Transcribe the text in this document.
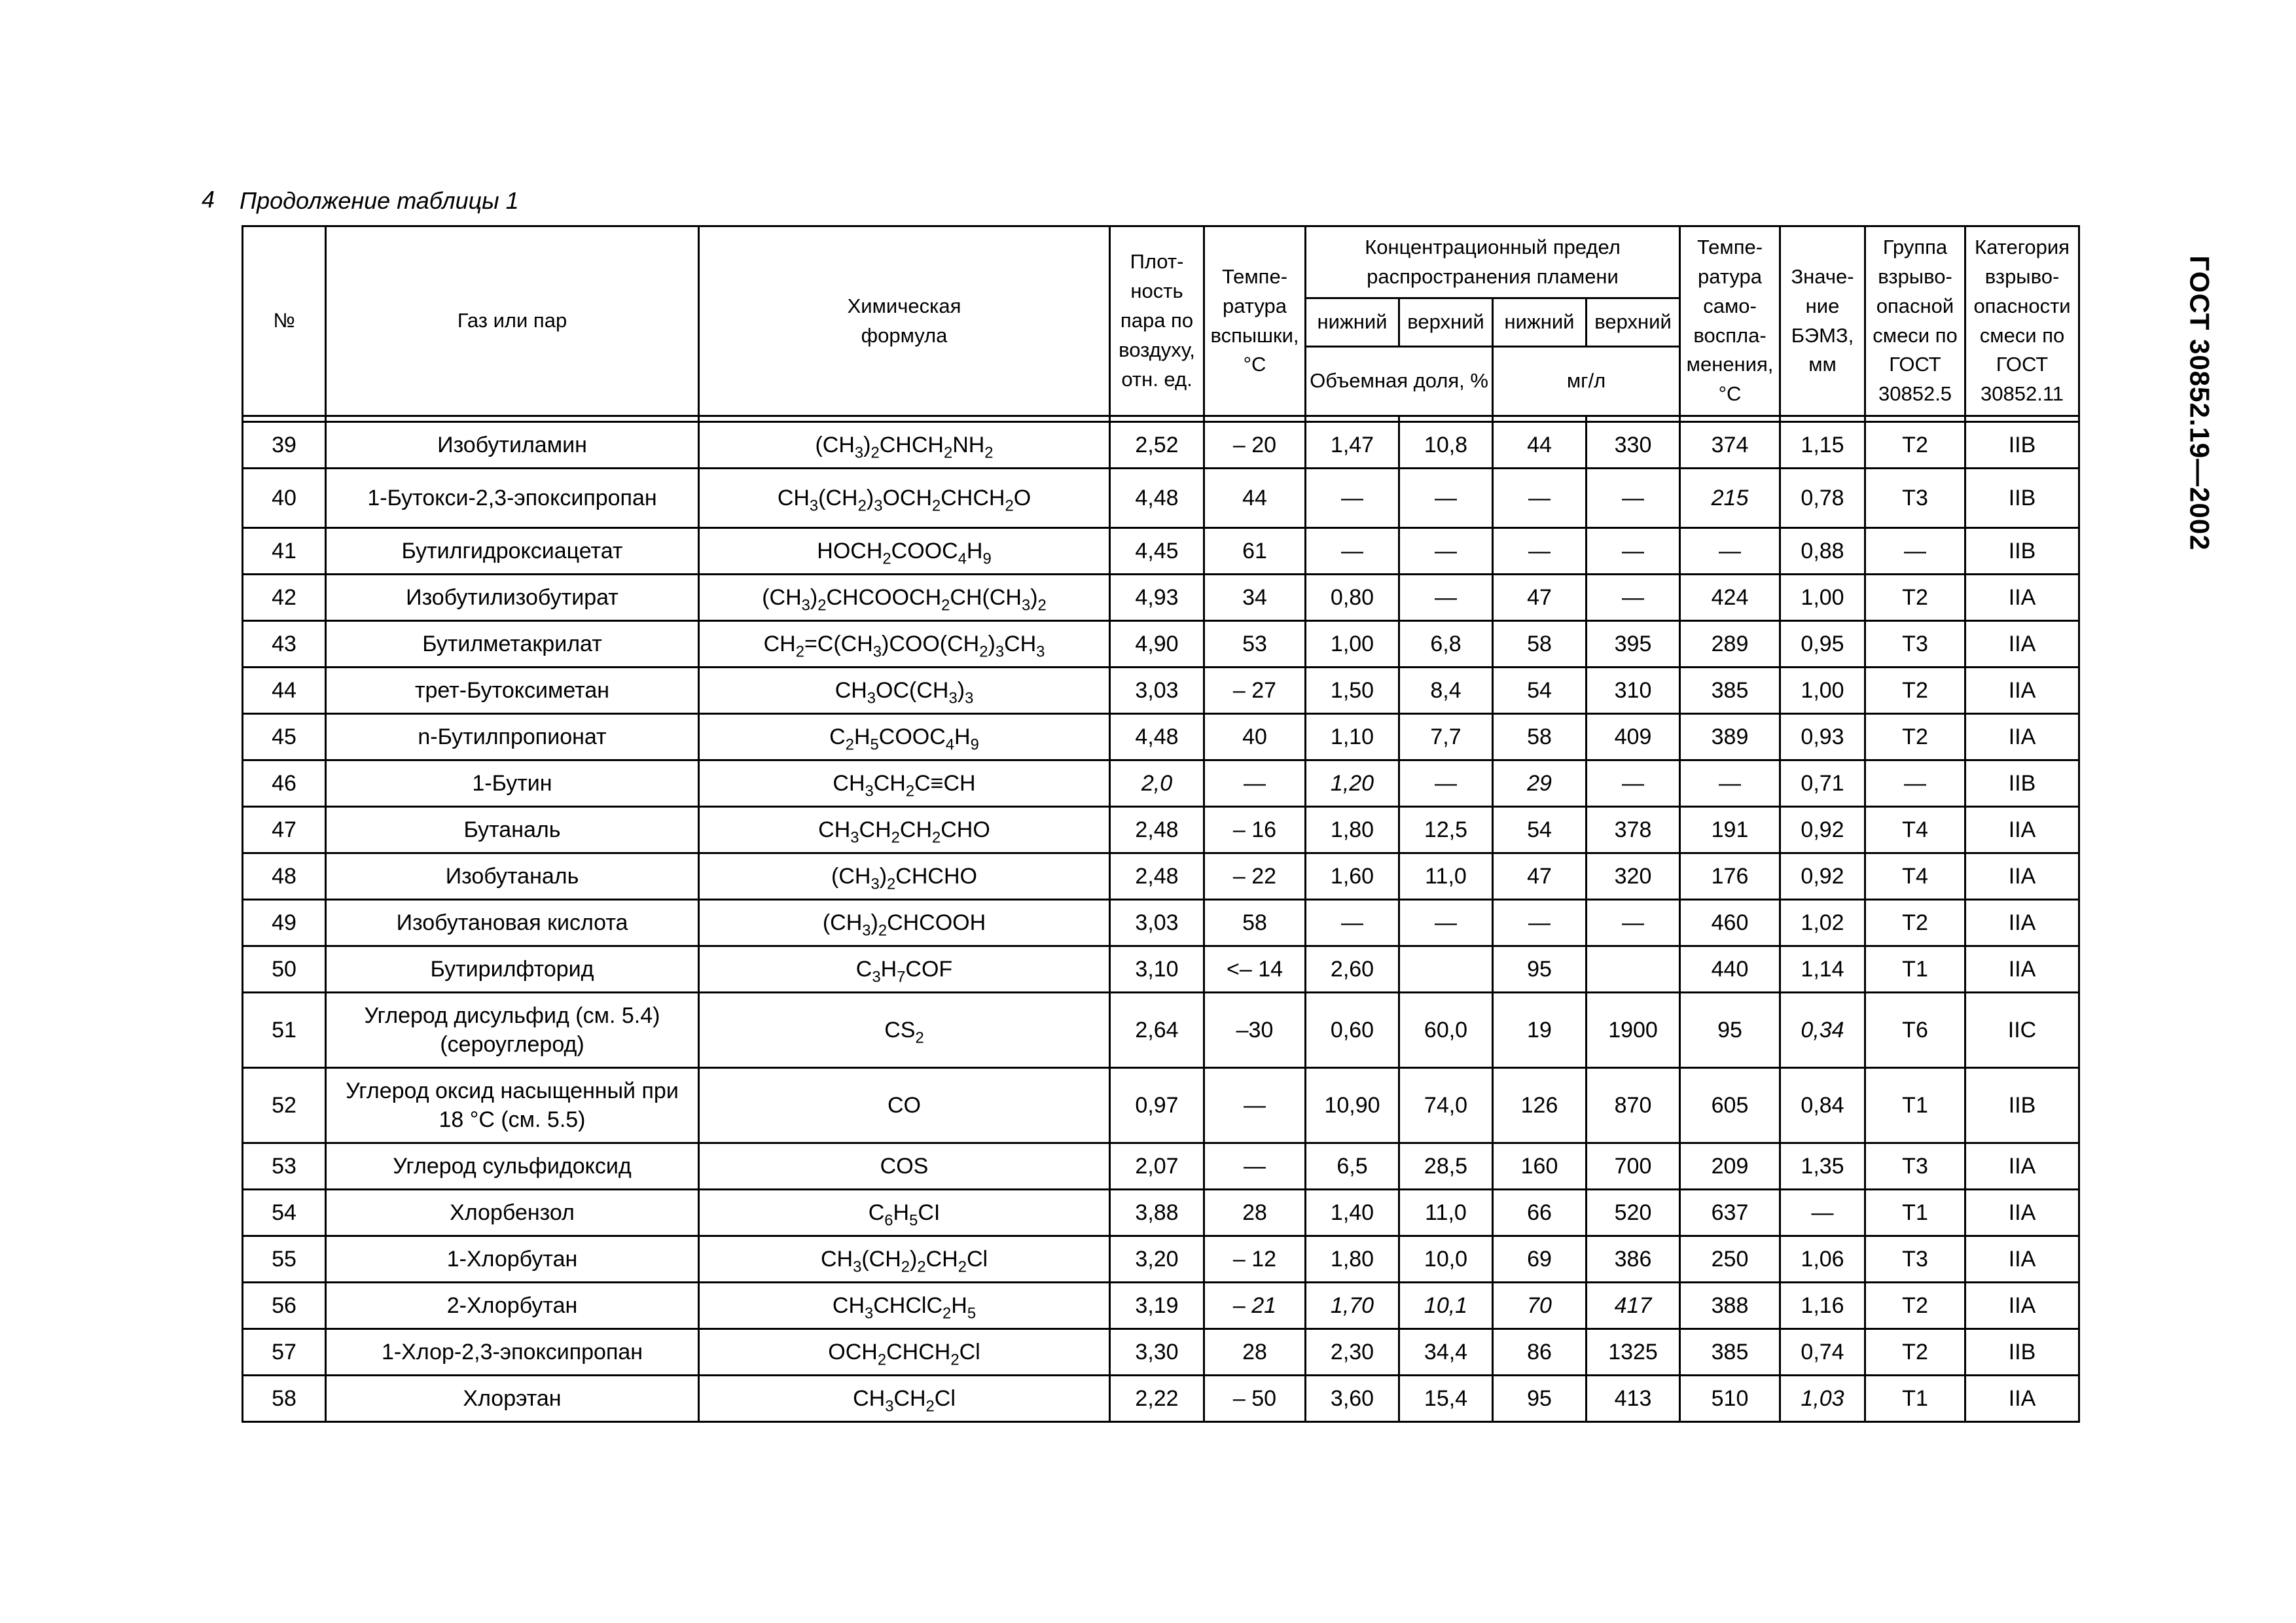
4 Продолжение таблицы 1
ГОСТ 30852.19—2002
№	Газ или пар	Химическая формула	Плот-ность пара по воздуху, отн. ед.	Темпе-ратура вспышки, °С	Концентрационный предел распространения пламени				Темпе-ратура само-воспла-менения, °С	Значе-ние БЭМЗ, мм	Группа взрыво-опасной смеси по ГОСТ 30852.5	Категория взрыво-опасности смеси по ГОСТ 30852.11
					нижний	верхний	нижний	верхний				
					Объемная доля, %		мг/л					

39	Изобутиламин	$(CH_3)_2CHCH_2NH_2$	2,52	– 20	1,47	10,8	44	330	374	1,15	T2	IIB
40	1-Бутокси-2,3-эпоксипропан	$CH_3(CH_2)_3OCH_2CHCH_2O$	4,48	44	—	—	—	—	215	0,78	T3	IIB
41	Бутилгидроксиацетат	$HOCH_2COOC_4H_9$	4,45	61	—	—	—	—	—	0,88	—	IIB
42	Изобутилизобутират	$(CH_3)_2CHCOOCH_2CH(CH_3)_2$	4,93	34	0,80	—	47	—	424	1,00	T2	IIA
43	Бутилметакрилат	$CH_2=C(CH_3)COO(CH_2)_3CH_3$	4,90	53	1,00	6,8	58	395	289	0,95	T3	IIA
44	трет-Бутоксиметан	$CH_3OC(CH_3)_3$	3,03	– 27	1,50	8,4	54	310	385	1,00	T2	IIA
45	n-Бутилпропионат	$C_2H_5COOC_4H_9$	4,48	40	1,10	7,7	58	409	389	0,93	T2	IIA
46	1-Бутин	$CH_3CH_2C\equiv CH$	2,0	—	1,20	—	29	—	—	0,71	—	IIB
47	Бутаналь	$CH_3CH_2CH_2CHO$	2,48	– 16	1,80	12,5	54	378	191	0,92	T4	IIA
48	Изобутаналь	$(CH_3)_2CHCHO$	2,48	– 22	1,60	11,0	47	320	176	0,92	T4	IIA
49	Изобутановая кислота	$(CH_3)_2CHCOOH$	3,03	58	—	—	—	—	460	1,02	T2	IIA
50	Бутирилфторид	$C_3H_7COF$	3,10	<– 14	2,60		95		440	1,14	T1	IIA
51	Углерод дисульфид (см. 5.4) (сероуглерод)	$CS_2$	2,64	–30	0,60	60,0	19	1900	95	0,34	T6	IIC
52	Углерод оксид насыщенный при 18 °С (см. 5.5)	CO	0,97	—	10,90	74,0	126	870	605	0,84	T1	IIB
53	Углерод сульфидоксид	COS	2,07	—	6,5	28,5	160	700	209	1,35	T3	IIA
54	Хлорбензол	$C_6H_5CI$	3,88	28	1,40	11,0	66	520	637	—	T1	IIA
55	1-Хлорбутан	$CH_3(CH_2)_2CH_2Cl$	3,20	– 12	1,80	10,0	69	386	250	1,06	T3	IIA
56	2-Хлорбутан	$CH_3CHClC_2H_5$	3,19	– 21	1,70	10,1	70	417	388	1,16	T2	IIA
57	1-Хлор-2,3-эпоксипропан	$OCH_2CHCH_2Cl$	3,30	28	2,30	34,4	86	1325	385	0,74	T2	IIB
58	Хлорэтан	$CH_3CH_2Cl$	2,22	– 50	3,60	15,4	95	413	510	1,03	T1	IIA
